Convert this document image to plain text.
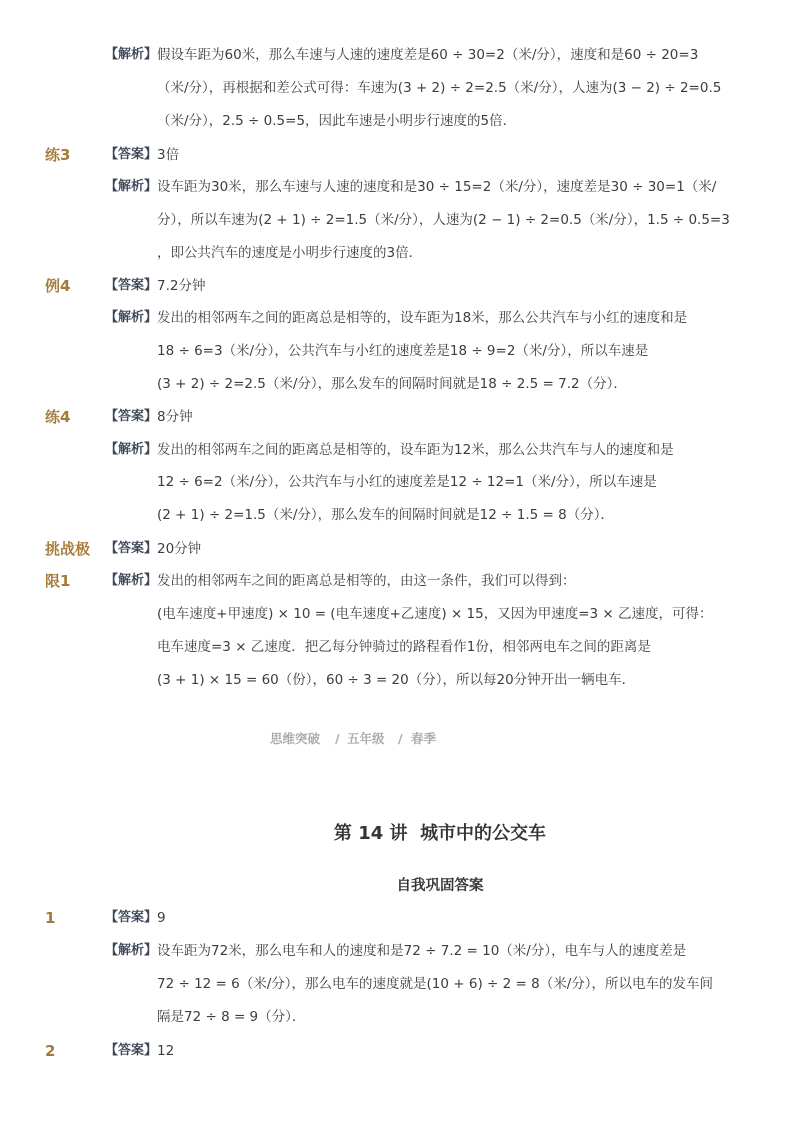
【解析】 假设车距为60米，那么车速与人速的速度差是60 ÷ 30=2（米/分），速度和是60 ÷ 20=3
（米/分），再根据和差公式可得：车速为(3 + 2) ÷ 2=2.5（米/分），人速为(3 − 2) ÷ 2=0.5
（米/分），2.5 ÷ 0.5=5，因此车速是小明步行速度的5倍．
练3	【答案】 3倍
【解析】 设车距为30米，那么车速与人速的速度和是30 ÷ 15=2（米/分），速度差是30 ÷ 30=1（米/
分），所以车速为(2 + 1) ÷ 2=1.5（米/分），人速为(2 − 1) ÷ 2=0.5（米/分），1.5 ÷ 0.5=3
，即公共汽车的速度是小明步行速度的3倍．
例4	【答案】 7.2分钟
【解析】 发出的相邻两车之间的距离总是相等的，设车距为18米，那么公共汽车与小红的速度和是
18 ÷ 6=3（米/分），公共汽车与小红的速度差是18 ÷ 9=2（米/分），所以车速是
(3 + 2) ÷ 2=2.5（米/分），那么发车的间隔时间就是18 ÷ 2.5 = 7.2（分）．
练4	【答案】 8分钟
【解析】 发出的相邻两车之间的距离总是相等的，设车距为12米，那么公共汽车与人的速度和是
12 ÷ 6=2（米/分），公共汽车与小红的速度差是12 ÷ 12=1（米/分），所以车速是
(2 + 1) ÷ 2=1.5（米/分），那么发车的间隔时间就是12 ÷ 1.5 = 8（分）．
挑战极 【答案】 20分钟
限1	【解析】 发出的相邻两车之间的距离总是相等的，由这一条件，我们可以得到：
(电车速度+甲速度) × 10 = (电车速度+乙速度) × 15，又因为甲速度=3 × 乙速度，可得：
电车速度=3 × 乙速度．把乙每分钟骑过的路程看作1份，相邻两电车之间的距离是
(3 + 1) × 15 = 60（份），60 ÷ 3 = 20（分），所以每20分钟开出一辆电车．
思维突破 / 五年级 / 春季
第 14 讲 城市中的公交车
自我巩固答案
1	【答案】 9
【解析】 设车距为72米，那么电车和人的速度和是72 ÷ 7.2 = 10（米/分），电车与人的速度差是
72 ÷ 12 = 6（米/分），那么电车的速度就是(10 + 6) ÷ 2 = 8（米/分），所以电车的发车间
隔是72 ÷ 8 = 9（分）．
2	【答案】 12
